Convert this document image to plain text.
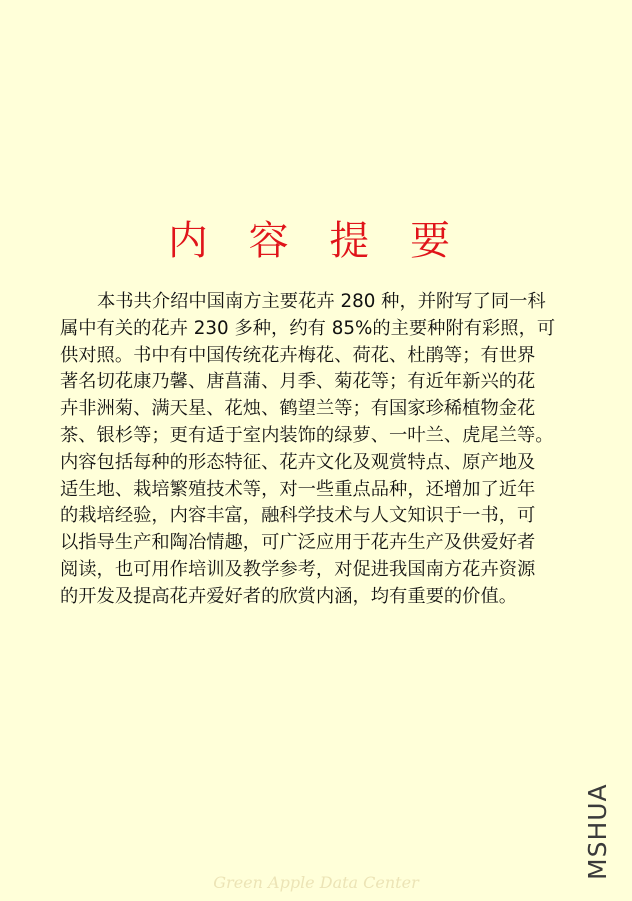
内 容 提 要
本书共介绍中国南方主要花卉 280 种，并附写了同一科
属中有关的花卉 230 多种，约有 85%的主要种附有彩照，可
供对照。书中有中国传统花卉梅花、荷花、杜鹃等；有世界
著名切花康乃馨、唐菖蒲、月季、菊花等；有近年新兴的花
卉非洲菊、满天星、花烛、鹤望兰等；有国家珍稀植物金花
茶、银杉等；更有适于室内装饰的绿萝、一叶兰、虎尾兰等。
内容包括每种的形态特征、花卉文化及观赏特点、原产地及
适生地、栽培繁殖技术等，对一些重点品种，还增加了近年
的栽培经验，内容丰富，融科学技术与人文知识于一书，可
以指导生产和陶冶情趣，可广泛应用于花卉生产及供爱好者
阅读，也可用作培训及教学参考，对促进我国南方花卉资源
的开发及提高花卉爱好者的欣赏内涵，均有重要的价值。
MSHUA
Green Apple Data Center
